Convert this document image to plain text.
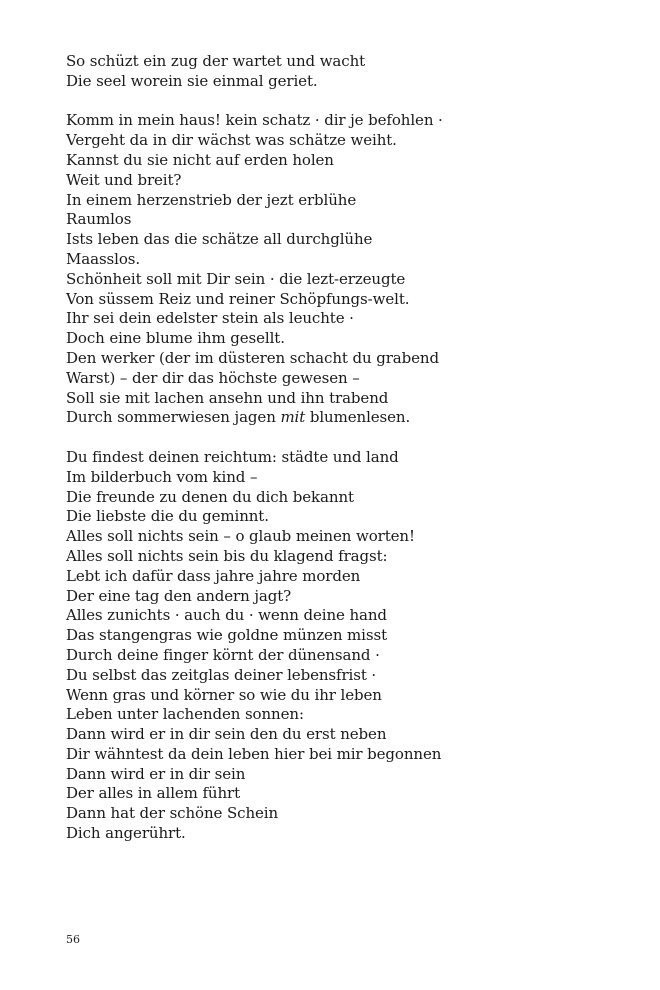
So schüzt ein zug der wartet und wacht
Die seel worein sie einmal geriet.
Komm in mein haus! kein schatz · dir je befohlen ·
Vergeht da in dir wächst was schätze weiht.
Kannst du sie nicht auf erden holen
Weit und breit?
In einem herzenstrieb der jezt erblühe
Raumlos
Ists leben das die schätze all durchglühe
Maasslos.
Schönheit soll mit Dir sein · die lezt-erzeugte
Von süssem Reiz und reiner Schöpfungs-welt.
Ihr sei dein edelster stein als leuchte ·
Doch eine blume ihm gesellt.
Den werker (der im düsteren schacht du grabend
Warst) – der dir das höchste gewesen –
Soll sie mit lachen ansehn und ihn trabend
Durch sommerwiesen jagen mit blumenlesen.
Du findest deinen reichtum: städte und land
Im bilderbuch vom kind –
Die freunde zu denen du dich bekannt
Die liebste die du geminnt.
Alles soll nichts sein – o glaub meinen worten!
Alles soll nichts sein bis du klagend fragst:
Lebt ich dafür dass jahre jahre morden
Der eine tag den andern jagt?
Alles zunichts · auch du · wenn deine hand
Das stangengras wie goldne münzen misst
Durch deine finger körnt der dünensand ·
Du selbst das zeitglas deiner lebensfrist ·
Wenn gras und körner so wie du ihr leben
Leben unter lachenden sonnen:
Dann wird er in dir sein den du erst neben
Dir wähntest da dein leben hier bei mir begonnen
Dann wird er in dir sein
Der alles in allem führt
Dann hat der schöne Schein
Dich angerührt.
56
